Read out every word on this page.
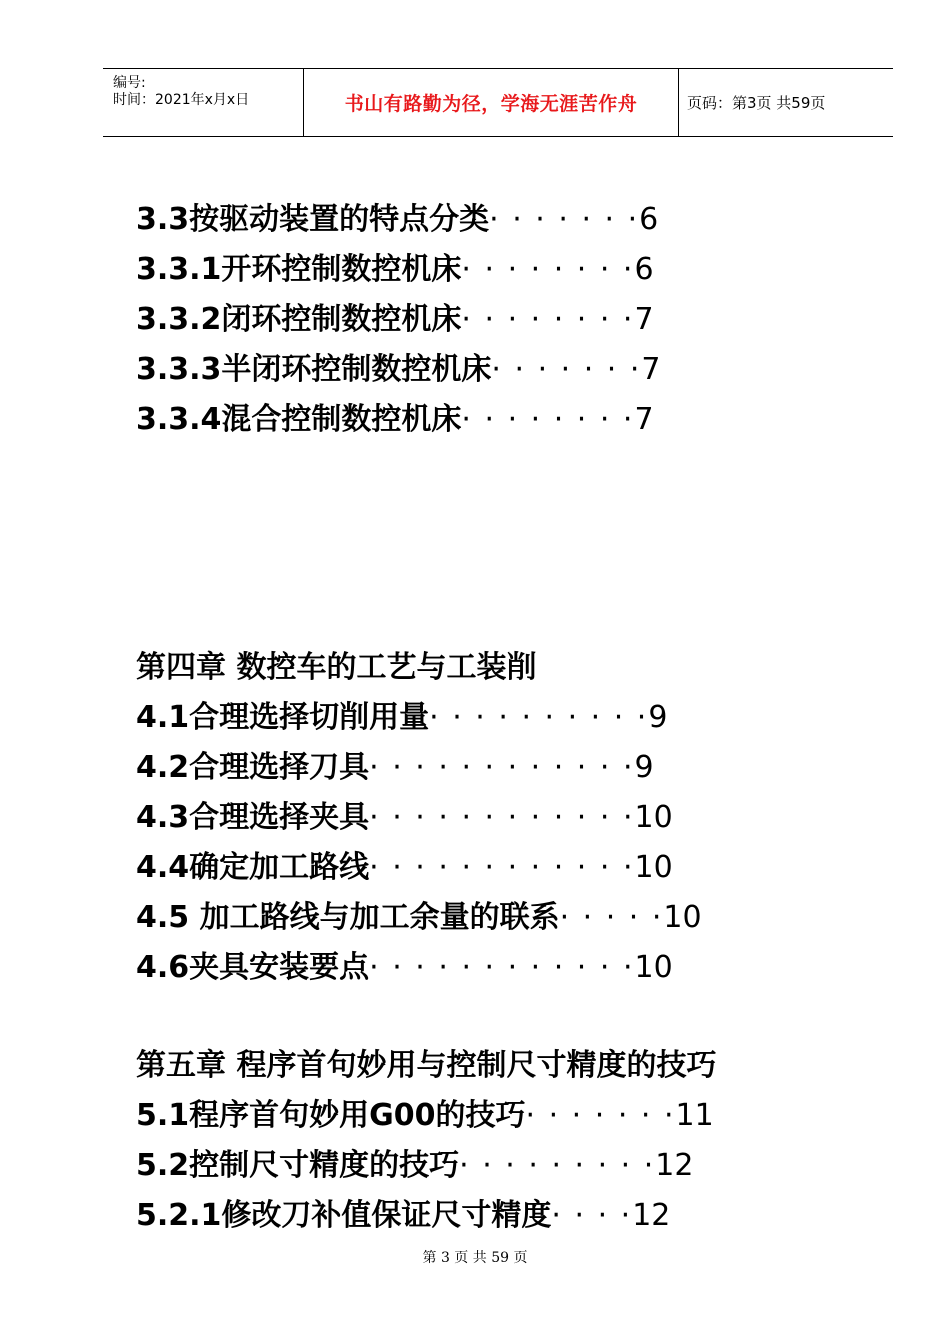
编号:
时间：2021年x月x日	书山有路勤为径，学海无涯苦作舟	页码：第3页 共59页
3.3按驱动装置的特点分类· · · · · · ·6
3.3.1开环控制数控机床· · · · · · · ·6
3.3.2闭环控制数控机床· · · · · · · ·7
3.3.3半闭环控制数控机床· · · · · · ·7
3.3.4混合控制数控机床· · · · · · · ·7
第四章 数控车的工艺与工装削
4.1合理选择切削用量· · · · · · · · · ·9
4.2合理选择刀具· · · · · · · · · · · ·9
4.3合理选择夹具· · · · · · · · · · · ·10
4.4确定加工路线· · · · · · · · · · · ·10
4.5 加工路线与加工余量的联系· · · · ·10
4.6夹具安装要点· · · · · · · · · · · ·10
第五章 程序首句妙用与控制尺寸精度的技巧
5.1程序首句妙用G00的技巧· · · · · · ·11
5.2控制尺寸精度的技巧· · · · · · · · ·12
5.2.1修改刀补值保证尺寸精度· · · ·12
第 3 页 共 59 页
